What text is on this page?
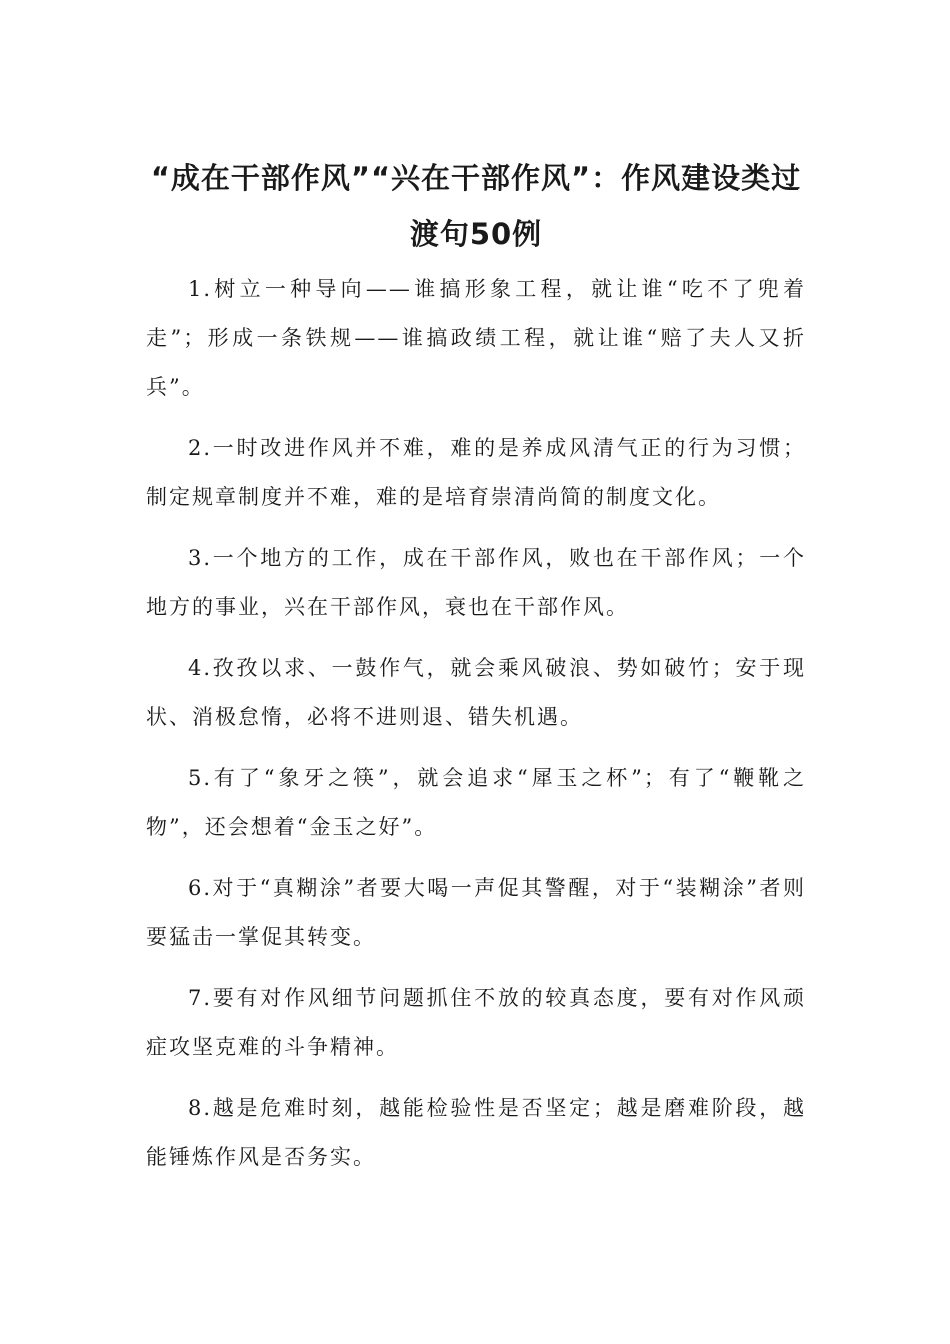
“成在干部作风”“兴在干部作风”：作风建设类过渡句50例

1.树立一种导向——谁搞形象工程，就让谁“吃不了兜着走”；形成一条铁规——谁搞政绩工程，就让谁“赔了夫人又折兵”。

2.一时改进作风并不难，难的是养成风清气正的行为习惯；制定规章制度并不难，难的是培育崇清尚简的制度文化。

3.一个地方的工作，成在干部作风，败也在干部作风；一个地方的事业，兴在干部作风，衰也在干部作风。

4.孜孜以求、一鼓作气，就会乘风破浪、势如破竹；安于现状、消极怠惰，必将不进则退、错失机遇。

5.有了“象牙之筷”，就会追求“犀玉之杯”；有了“鞭靴之物”，还会想着“金玉之好”。

6.对于“真糊涂”者要大喝一声促其警醒，对于“装糊涂”者则要猛击一掌促其转变。

7.要有对作风细节问题抓住不放的较真态度，要有对作风顽症攻坚克难的斗争精神。

8.越是危难时刻，越能检验性是否坚定；越是磨难阶段，越能锤炼作风是否务实。
